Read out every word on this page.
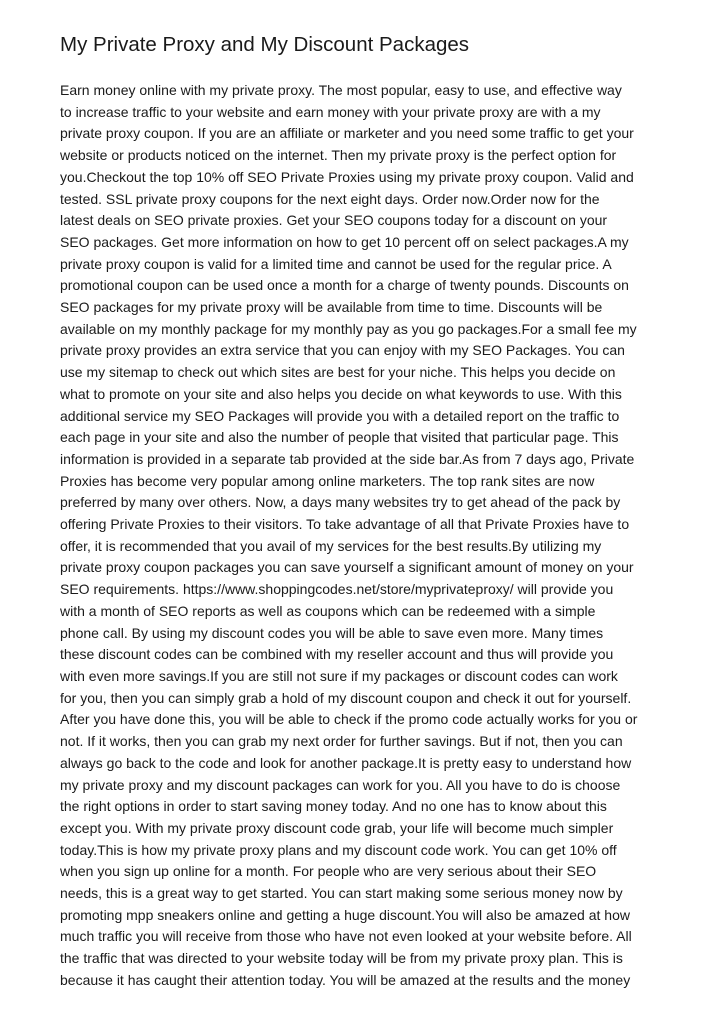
My Private Proxy and My Discount Packages
Earn money online with my private proxy. The most popular, easy to use, and effective way
to increase traffic to your website and earn money with your private proxy are with a my
private proxy coupon. If you are an affiliate or marketer and you need some traffic to get your
website or products noticed on the internet. Then my private proxy is the perfect option for
you.Checkout the top 10% off SEO Private Proxies using my private proxy coupon. Valid and
tested. SSL private proxy coupons for the next eight days. Order now.Order now for the
latest deals on SEO private proxies. Get your SEO coupons today for a discount on your
SEO packages. Get more information on how to get 10 percent off on select packages.A my
private proxy coupon is valid for a limited time and cannot be used for the regular price. A
promotional coupon can be used once a month for a charge of twenty pounds. Discounts on
SEO packages for my private proxy will be available from time to time. Discounts will be
available on my monthly package for my monthly pay as you go packages.For a small fee my
private proxy provides an extra service that you can enjoy with my SEO Packages. You can
use my sitemap to check out which sites are best for your niche. This helps you decide on
what to promote on your site and also helps you decide on what keywords to use. With this
additional service my SEO Packages will provide you with a detailed report on the traffic to
each page in your site and also the number of people that visited that particular page. This
information is provided in a separate tab provided at the side bar.As from 7 days ago, Private
Proxies has become very popular among online marketers. The top rank sites are now
preferred by many over others. Now, a days many websites try to get ahead of the pack by
offering Private Proxies to their visitors. To take advantage of all that Private Proxies have to
offer, it is recommended that you avail of my services for the best results.By utilizing my
private proxy coupon packages you can save yourself a significant amount of money on your
SEO requirements. https://www.shoppingcodes.net/store/myprivateproxy/ will provide you
with a month of SEO reports as well as coupons which can be redeemed with a simple
phone call. By using my discount codes you will be able to save even more. Many times
these discount codes can be combined with my reseller account and thus will provide you
with even more savings.If you are still not sure if my packages or discount codes can work
for you, then you can simply grab a hold of my discount coupon and check it out for yourself.
After you have done this, you will be able to check if the promo code actually works for you or
not. If it works, then you can grab my next order for further savings. But if not, then you can
always go back to the code and look for another package.It is pretty easy to understand how
my private proxy and my discount packages can work for you. All you have to do is choose
the right options in order to start saving money today. And no one has to know about this
except you. With my private proxy discount code grab, your life will become much simpler
today.This is how my private proxy plans and my discount code work. You can get 10% off
when you sign up online for a month. For people who are very serious about their SEO
needs, this is a great way to get started. You can start making some serious money now by
promoting mpp sneakers online and getting a huge discount.You will also be amazed at how
much traffic you will receive from those who have not even looked at your website before. All
the traffic that was directed to your website today will be from my private proxy plan. This is
because it has caught their attention today. You will be amazed at the results and the money
